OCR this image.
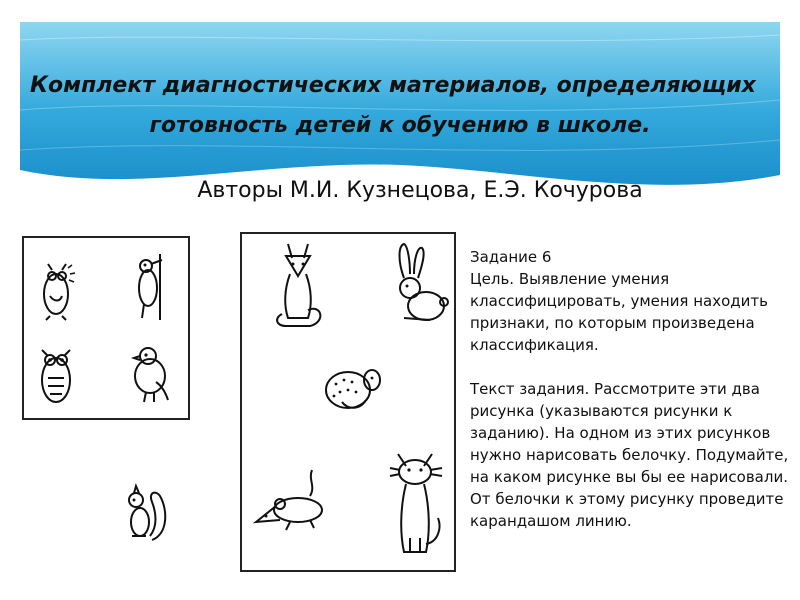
Комплект диагностических материалов, определяющих
готовность детей к обучению в школе.
Авторы М.И. Кузнецова, Е.Э. Кочурова

Задание 6

Цель. Выявление умения классифицировать, умения находить признаки, по которым произведена классификация.

Текст задания. Рассмотрите эти два рисунка (указываются рисунки к заданию). На одном из этих рисунков нужно нарисовать белочку. Подумайте, на каком рисунке вы бы ее нарисовали. От белочки к этому рисунку проведите карандашом линию.
